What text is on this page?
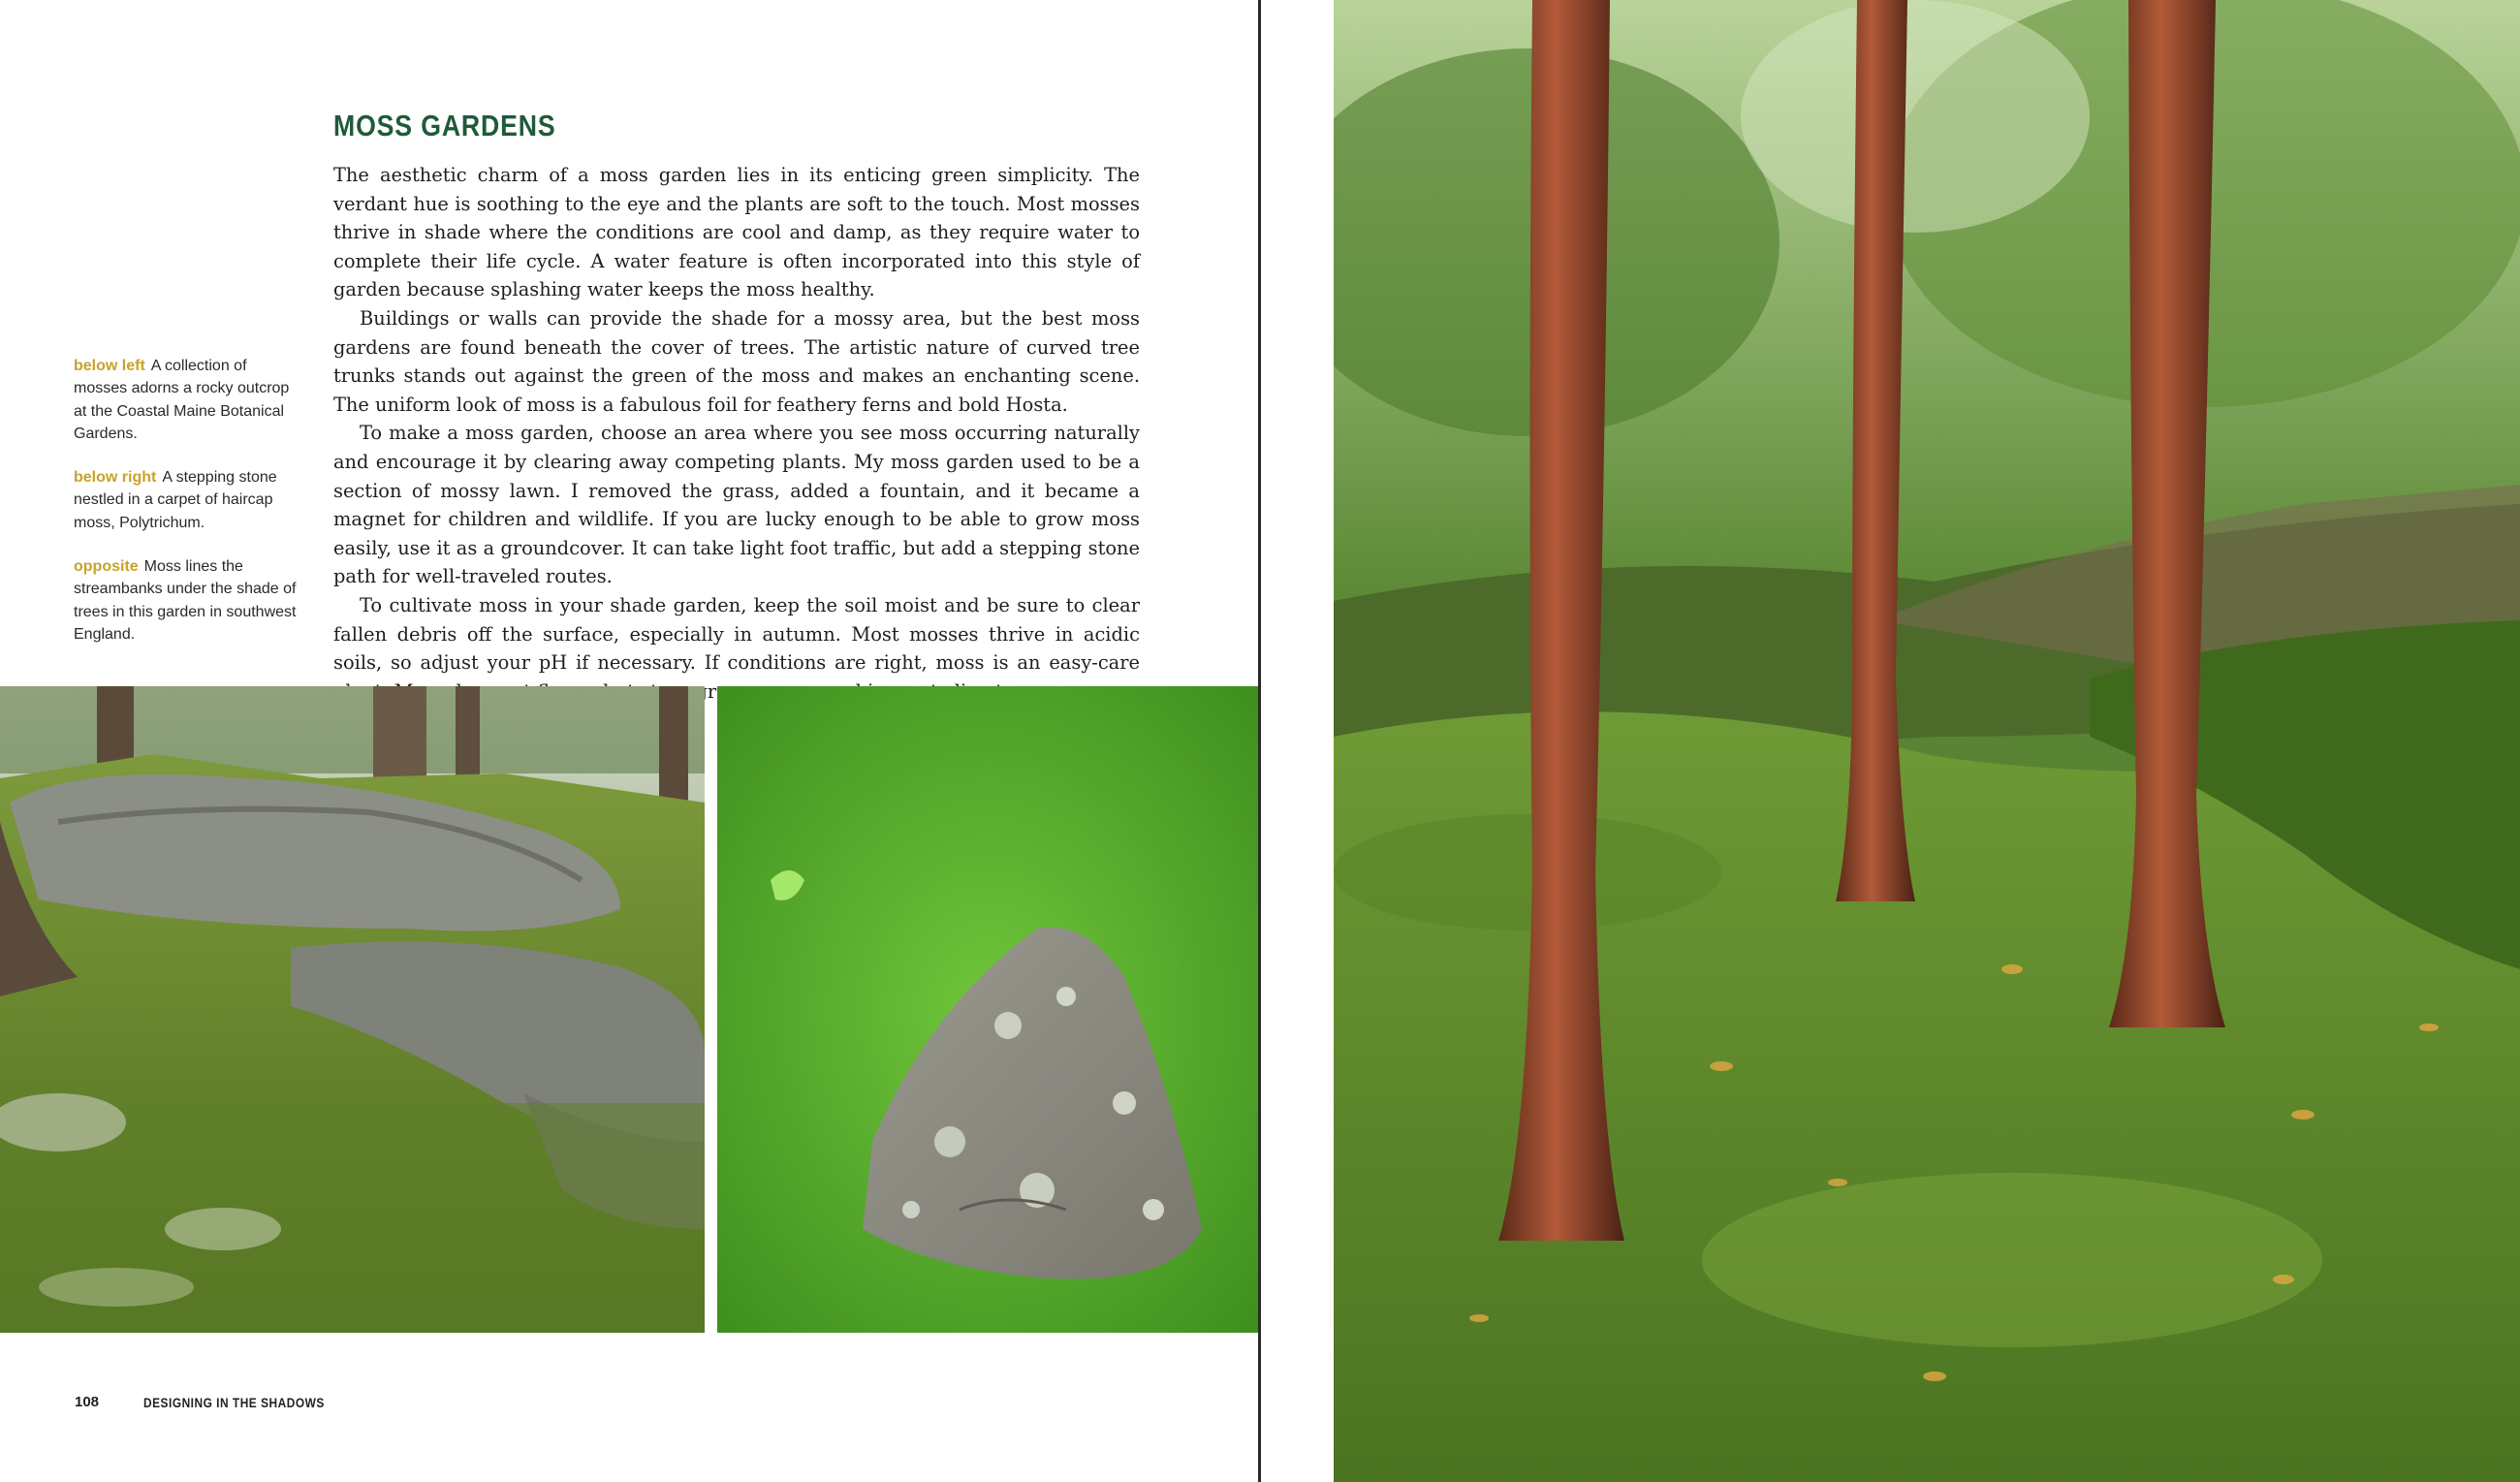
MOSS GARDENS

The aesthetic charm of a moss garden lies in its enticing green simplicity. The verdant hue is soothing to the eye and the plants are soft to the touch. Most mosses thrive in shade where the conditions are cool and damp, as they require water to complete their life cycle. A water feature is often incorporated into this style of garden because splashing water keeps the moss healthy.

Buildings or walls can provide the shade for a mossy area, but the best moss gardens are found beneath the cover of trees. The artistic nature of curved tree trunks stands out against the green of the moss and makes an enchanting scene. The uniform look of moss is a fabulous foil for feathery ferns and bold Hosta.

To make a moss garden, choose an area where you see moss occurring naturally and encourage it by clearing away competing plants. My moss garden used to be a section of mossy lawn. I removed the grass, added a fountain, and it became a magnet for children and wildlife. If you are lucky enough to be able to grow moss easily, use it as a groundcover. It can take light foot traffic, but add a stepping stone path for well-traveled routes.

To cultivate moss in your shade garden, keep the soil moist and be sure to clear fallen debris off the surface, especially in autumn. Most mosses thrive in acidic soils, so adjust your pH if necessary. If conditions are right, moss is an easy-care

below left A collection of mosses adorns a rocky outcrop at the Coastal Maine Botanical Gardens.

below right A stepping stone nestled in a carpet of haircap moss, Polytrichum.

opposite Moss lines the streambanks under the shade of trees in this garden in southwest England.

108	DESIGNING IN THE SHADOWS
